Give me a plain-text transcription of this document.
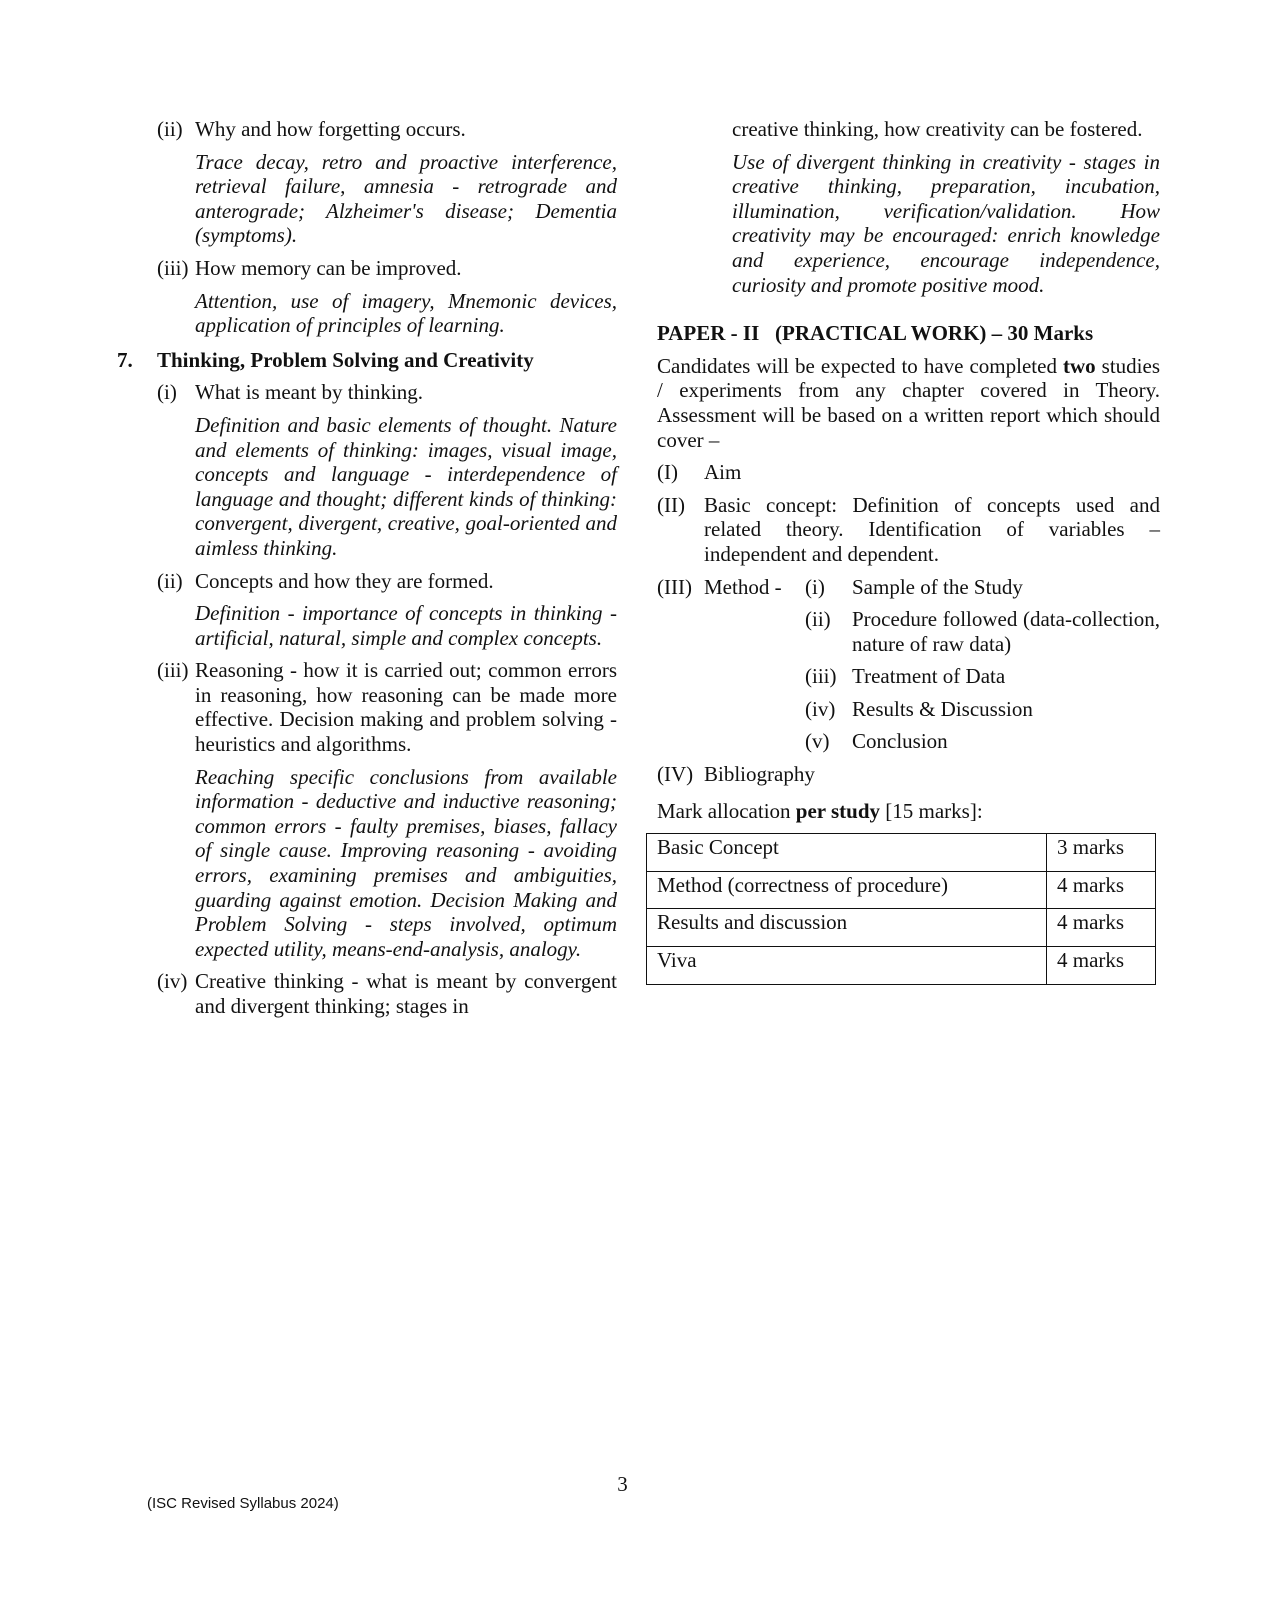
(ii) Why and how forgetting occurs.
Trace decay, retro and proactive interference, retrieval failure, amnesia - retrograde and anterograde; Alzheimer's disease; Dementia (symptoms).
(iii) How memory can be improved.
Attention, use of imagery, Mnemonic devices, application of principles of learning.
7. Thinking, Problem Solving and Creativity
(i) What is meant by thinking.
Definition and basic elements of thought. Nature and elements of thinking: images, visual image, concepts and language - interdependence of language and thought; different kinds of thinking: convergent, divergent, creative, goal-oriented and aimless thinking.
(ii) Concepts and how they are formed.
Definition - importance of concepts in thinking - artificial, natural, simple and complex concepts.
(iii) Reasoning - how it is carried out; common errors in reasoning, how reasoning can be made more effective. Decision making and problem solving - heuristics and algorithms.
Reaching specific conclusions from available information - deductive and inductive reasoning; common errors - faulty premises, biases, fallacy of single cause. Improving reasoning - avoiding errors, examining premises and ambiguities, guarding against emotion. Decision Making and Problem Solving - steps involved, optimum expected utility, means-end-analysis, analogy.
(iv) Creative thinking - what is meant by convergent and divergent thinking; stages in
creative thinking, how creativity can be fostered.
Use of divergent thinking in creativity - stages in creative thinking, preparation, incubation, illumination, verification/validation. How creativity may be encouraged: enrich knowledge and experience, encourage independence, curiosity and promote positive mood.
PAPER - II   (PRACTICAL WORK) – 30 Marks
Candidates will be expected to have completed two studies / experiments from any chapter covered in Theory. Assessment will be based on a written report which should cover –
(I) Aim
(II) Basic concept: Definition of concepts used and related theory. Identification of variables – independent and dependent.
(III) Method - (i) Sample of the Study
(ii) Procedure followed (data-collection, nature of raw data)
(iii) Treatment of Data
(iv) Results & Discussion
(v) Conclusion
(IV) Bibliography
Mark allocation per study [15 marks]:
Basic Concept	3 marks
Method (correctness of procedure)	4 marks
Results and discussion	4 marks
Viva	4 marks
3
(ISC Revised Syllabus 2024)
